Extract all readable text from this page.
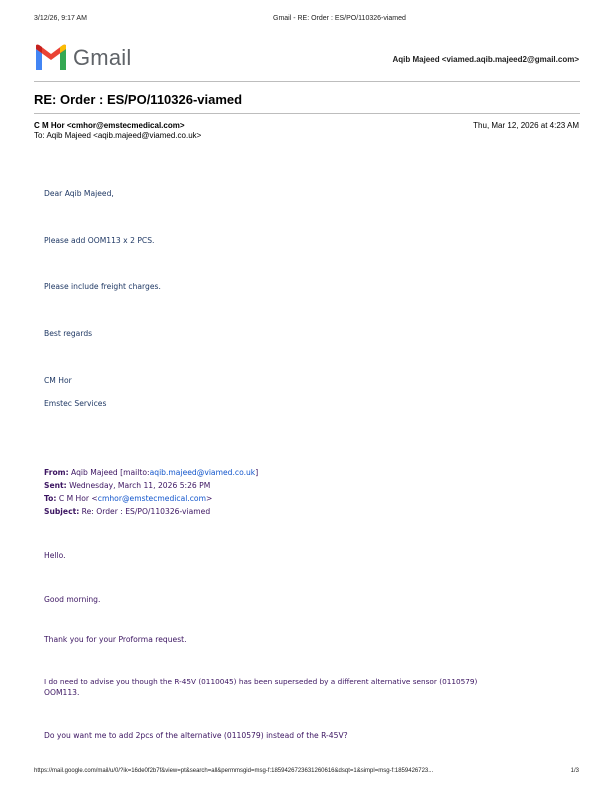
3/12/26, 9:17 AM	Gmail - RE: Order : ES/PO/110326-viamed
Gmail	Aqib Majeed <viamed.aqib.majeed2@gmail.com>
RE: Order : ES/PO/110326-viamed
C M Hor <cmhor@emstecmedical.com>	Thu, Mar 12, 2026 at 4:23 AM
To: Aqib Majeed <aqib.majeed@viamed.co.uk>
Dear Aqib Majeed,
Please add OOM113 x 2 PCS.
Please include freight charges.
Best regards
CM Hor
Emstec Services
From: Aqib Majeed [mailto:aqib.majeed@viamed.co.uk]
Sent: Wednesday, March 11, 2026 5:26 PM
To: C M Hor <cmhor@emstecmedical.com>
Subject: Re: Order : ES/PO/110326-viamed
Hello.
Good morning.
Thank you for your Proforma request.
I do need to advise you though the R-45V (0110045) has been superseded by a different alternative sensor (0110579)
OOM113.
Do you want me to add 2pcs of the alternative (0110579) instead of the R-45V?
https://mail.google.com/mail/u/0/?ik=16de0f2b7f&view=pt&search=all&permmsgid=msg-f:1859426723631260616&dsqt=1&simpl=msg-f:1859426723...	1/3
